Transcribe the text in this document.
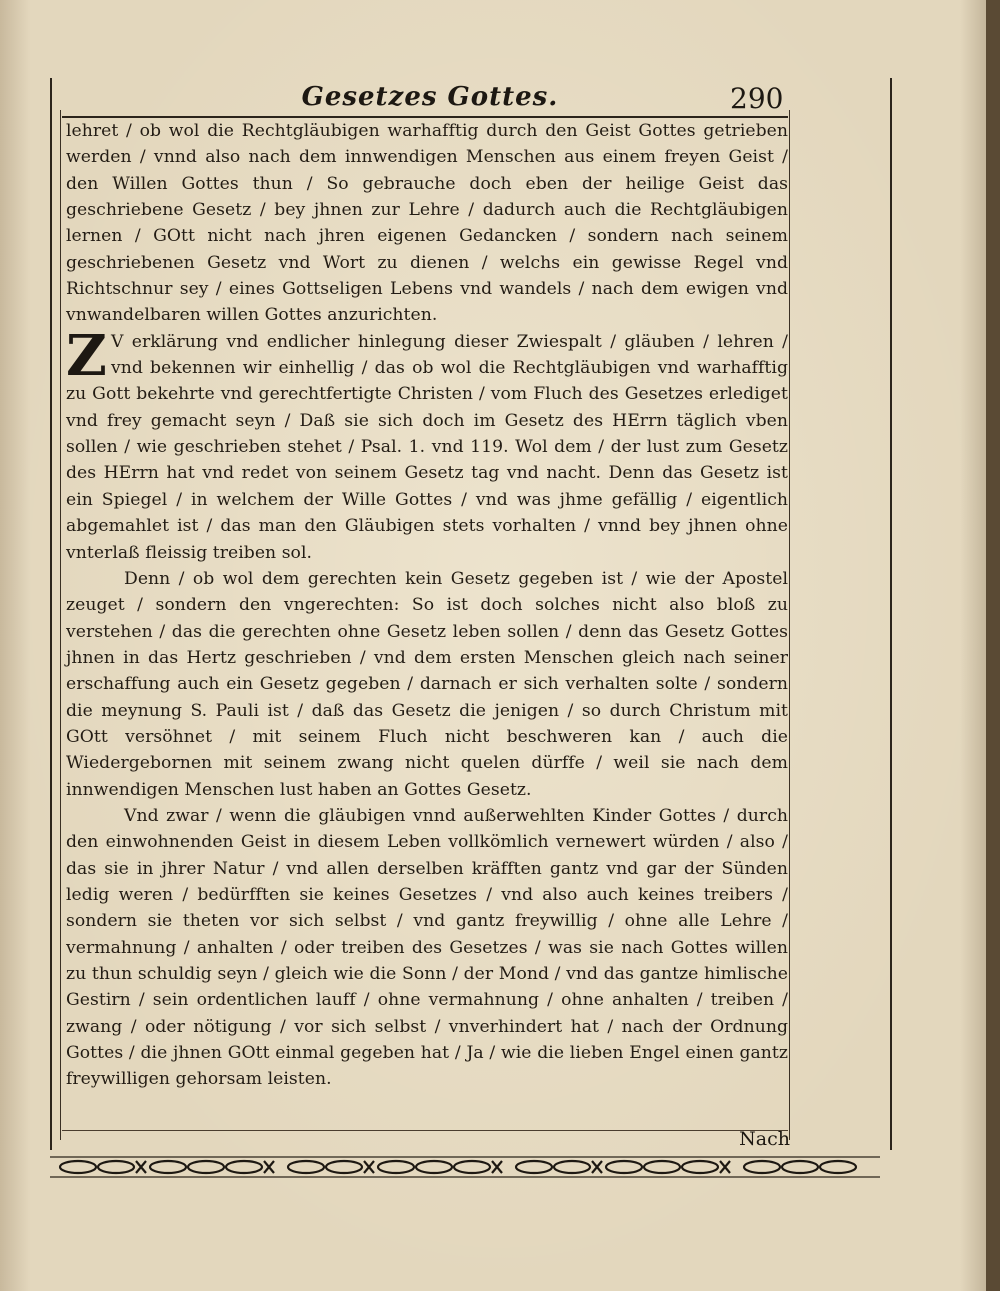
Gesetzes Gottes.	290

lehret / ob wol die Rechtgläubigen warhafftig durch den Geist Gottes getrieben werden / vnnd also nach dem innwendigen Menschen aus einem freyen Geist / den Willen Gottes thun / So gebrauche doch eben der heilige Geist das geschriebene Gesetz / bey jhnen zur Lehre / dadurch auch die Rechtgläubigen lernen / GOtt nicht nach jhren eigenen Gedancken / sondern nach seinem geschriebenen Gesetz vnd Wort zu dienen / welchs ein gewisse Regel vnd Richtschnur sey / eines Gottseligen Lebens vnd wandels / nach dem ewigen vnd vnwandelbaren willen Gottes anzurichten.

Z V erklärung vnd endlicher hinlegung dieser Zwiespalt / gläuben / lehren / vnd bekennen wir einhellig / das ob wol die Rechtgläubigen vnd warhafftig zu Gott bekehrte vnd gerechtfertigte Christen / vom Fluch des Gesetzes erlediget vnd frey gemacht seyn / Daß sie sich doch im Gesetz des HErrn täglich vben sollen / wie geschrieben stehet / Psal. 1. vnd 119. Wol dem / der lust zum Gesetz des HErrn hat vnd redet von seinem Gesetz tag vnd nacht. Denn das Gesetz ist ein Spiegel / in welchem der Wille Gottes / vnd was jhme gefällig / eigentlich abgemahlet ist / das man den Gläubigen stets vorhalten / vnnd bey jhnen ohne vnterlaß fleissig treiben sol.

Denn / ob wol dem gerechten kein Gesetz gegeben ist / wie der Apostel zeuget / sondern den vngerechten: So ist doch solches nicht also bloß zu verstehen / das die gerechten ohne Gesetz leben sollen / denn das Gesetz Gottes jhnen in das Hertz geschrieben / vnd dem ersten Menschen gleich nach seiner erschaffung auch ein Gesetz gegeben / darnach er sich verhalten solte / sondern die meynung S. Pauli ist / daß das Gesetz die jenigen / so durch Christum mit GOtt versöhnet / mit seinem Fluch nicht beschweren kan / auch die Wiedergebornen mit seinem zwang nicht quelen dürffe / weil sie nach dem innwendigen Menschen lust haben an Gottes Gesetz.

Vnd zwar / wenn die gläubigen vnnd außerwehlten Kinder Gottes / durch den einwohnenden Geist in diesem Leben vollkömlich vernewert würden / also / das sie in jhrer Natur / vnd allen derselben kräfften gantz vnd gar der Sünden ledig weren / bedürfften sie keines Gesetzes / vnd also auch keines treibers / sondern sie theten vor sich selbst / vnd gantz freywillig / ohne alle Lehre / vermahnung / anhalten / oder treiben des Gesetzes / was sie nach Gottes willen zu thun schuldig seyn / gleich wie die Sonn / der Mond / vnd das gantze himlische Gestirn / sein ordentlichen lauff / ohne vermahnung / ohne anhalten / treiben / zwang / oder nötigung / vor sich selbst / vnverhindert hat / nach der Ordnung Gottes / die jhnen GOtt einmal gegeben hat / Ja / wie die lieben Engel einen gantz freywilligen gehorsam leisten.

Nach
